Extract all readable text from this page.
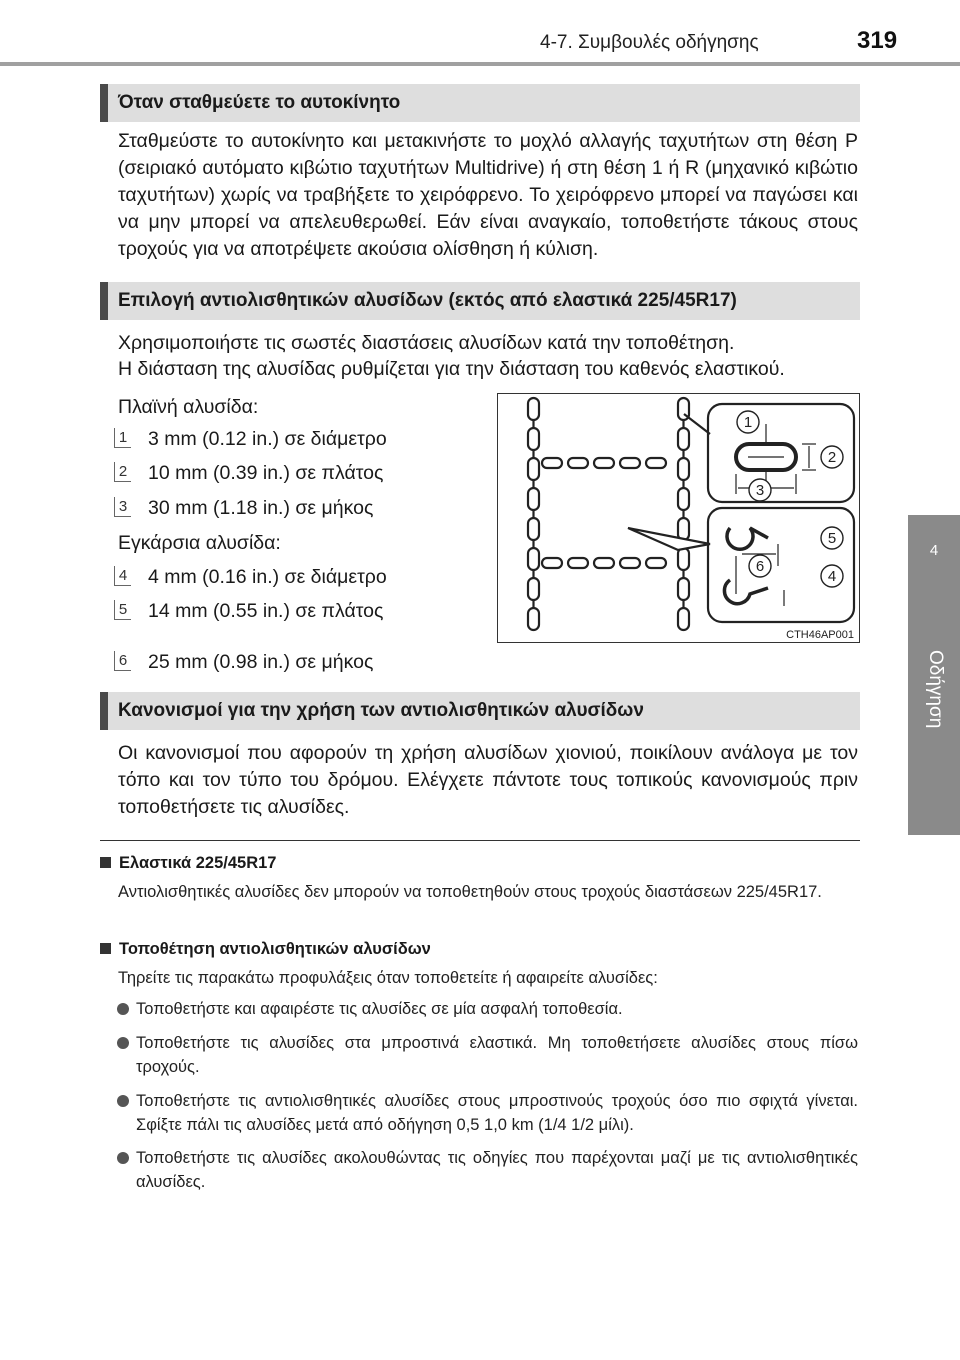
4-7. Συμβουλές οδήγησης	319
4
Οδήγηση
Όταν σταθμεύετε το αυτοκίνητο
Σταθμεύστε το αυτοκίνητο και μετακινήστε το μοχλό αλλαγής ταχυτήτων στη θέση P (σειριακό αυτόματο κιβώτιο ταχυτήτων Multidrive) ή στη θέση 1 ή R (μηχανικό κιβώτιο ταχυτήτων) χωρίς να τραβήξετε το χειρόφρενο. Το χειρόφρενο μπορεί να παγώσει και να μην μπορεί να απελευθερωθεί. Εάν είναι αναγκαίο, τοποθετήστε τάκους στους τροχούς για να αποτρέψετε ακούσια ολίσθηση ή κύλιση.
Επιλογή αντιολισθητικών αλυσίδων (εκτός από ελαστικά 225/45R17)
Χρησιμοποιήστε τις σωστές διαστάσεις αλυσίδων κατά την τοποθέτηση.
Η διάσταση της αλυσίδας ρυθμίζεται για την διάσταση του καθενός ελαστικού.
Πλαϊνή αλυσίδα:
1 3 mm (0.12 in.) σε διάμετρο
2 10 mm (0.39 in.) σε πλάτος
3 30 mm (1.18 in.) σε μήκος
Εγκάρσια αλυσίδα:
4 4 mm (0.16 in.) σε διάμετρο
5 14 mm (0.55 in.) σε πλάτος
6 25 mm (0.98 in.) σε μήκος
1
2
3
5
6
4
CTH46AP001
Κανονισμοί για την χρήση των αντιολισθητικών αλυσίδων
Οι κανονισμοί που αφορούν τη χρήση αλυσίδων χιονιού, ποικίλουν ανάλογα με τον τόπο και τον τύπο του δρόμου. Ελέγχετε πάντοτε τους τοπικούς κανονισμούς πριν τοποθετήσετε τις αλυσίδες.
Ελαστικά 225/45R17
Αντιολισθητικές αλυσίδες δεν μπορούν να τοποθετηθούν στους τροχούς διαστάσεων 225/45R17.
Τοποθέτηση αντιολισθητικών αλυσίδων
Τηρείτε τις παρακάτω προφυλάξεις όταν τοποθετείτε ή αφαιρείτε αλυσίδες:
Τοποθετήστε και αφαιρέστε τις αλυσίδες σε μία ασφαλή τοποθεσία.
Τοποθετήστε τις αλυσίδες στα μπροστινά ελαστικά. Μη τοποθετήσετε αλυσίδες στους πίσω τροχούς.
Τοποθετήστε τις αντιολισθητικές αλυσίδες στους μπροστινούς τροχούς όσο πιο σφιχτά γίνεται. Σφίξτε πάλι τις αλυσίδες μετά από οδήγηση 0,5 1,0 km (1/4 1/2 μίλι).
Τοποθετήστε τις αλυσίδες ακολουθώντας τις οδηγίες που παρέχονται μαζί με τις αντιολισθητικές αλυσίδες.
